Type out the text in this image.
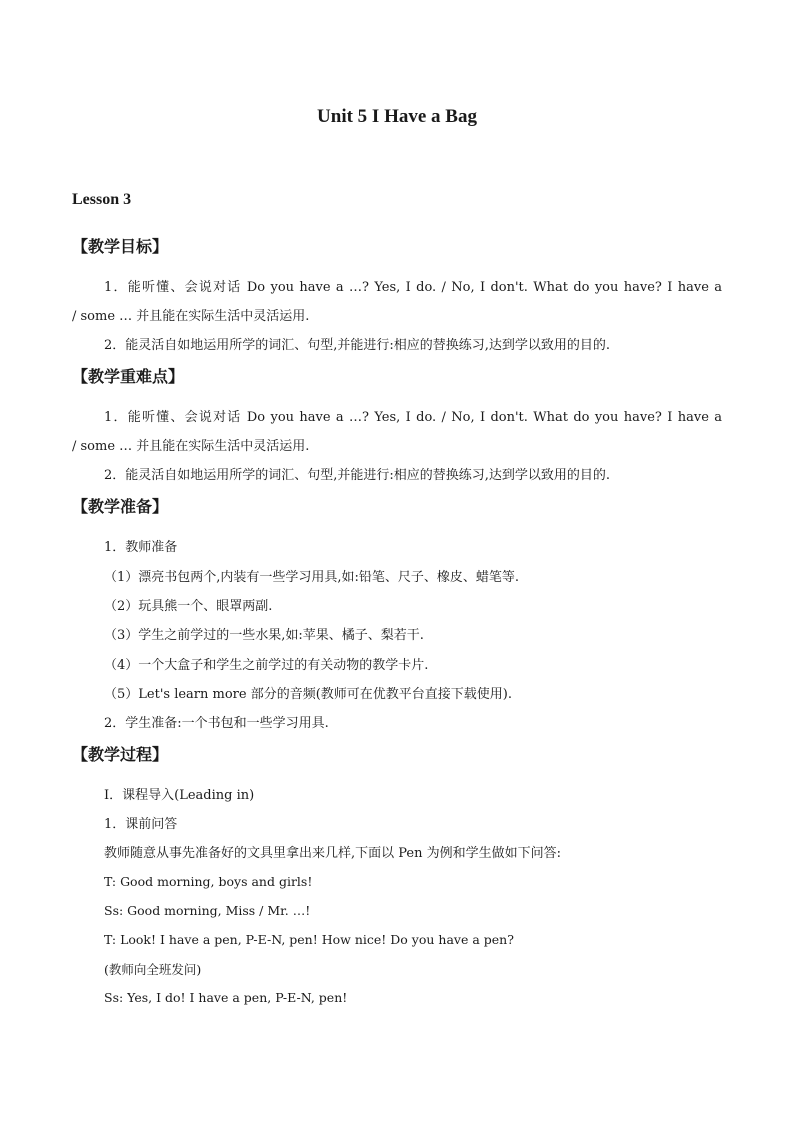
Unit 5 I Have a Bag
Lesson 3
【教学目标】
1．能听懂、会说对话 Do you have a …? Yes, I do. / No, I don't. What do you have? I have a
/ some … 并且能在实际生活中灵活运用.
2．能灵活自如地运用所学的词汇、句型,并能进行:相应的替换练习,达到学以致用的目的.
【教学重难点】
1．能听懂、会说对话 Do you have a …? Yes, I do. / No, I don't. What do you have? I have a
/ some … 并且能在实际生活中灵活运用.
2．能灵活自如地运用所学的词汇、句型,并能进行:相应的替换练习,达到学以致用的目的.
【教学准备】
1．教师准备
（1）漂亮书包两个,内装有一些学习用具,如:铅笔、尺子、橡皮、蜡笔等.
（2）玩具熊一个、眼罩两副.
（3）学生之前学过的一些水果,如:苹果、橘子、梨若干.
（4）一个大盒子和学生之前学过的有关动物的教学卡片.
（5）Let's learn more 部分的音频(教师可在优教平台直接下载使用).
2．学生准备:一个书包和一些学习用具.
【教学过程】
Ⅰ．课程导入(Leading in)
1．课前问答
教师随意从事先准备好的文具里拿出来几样,下面以 Pen 为例和学生做如下问答:
T: Good morning, boys and girls!
Ss: Good morning, Miss / Mr. …!
T: Look! I have a pen, P-E-N, pen! How nice! Do you have a pen?
(教师向全班发问)
Ss: Yes, I do! I have a pen, P-E-N, pen!
